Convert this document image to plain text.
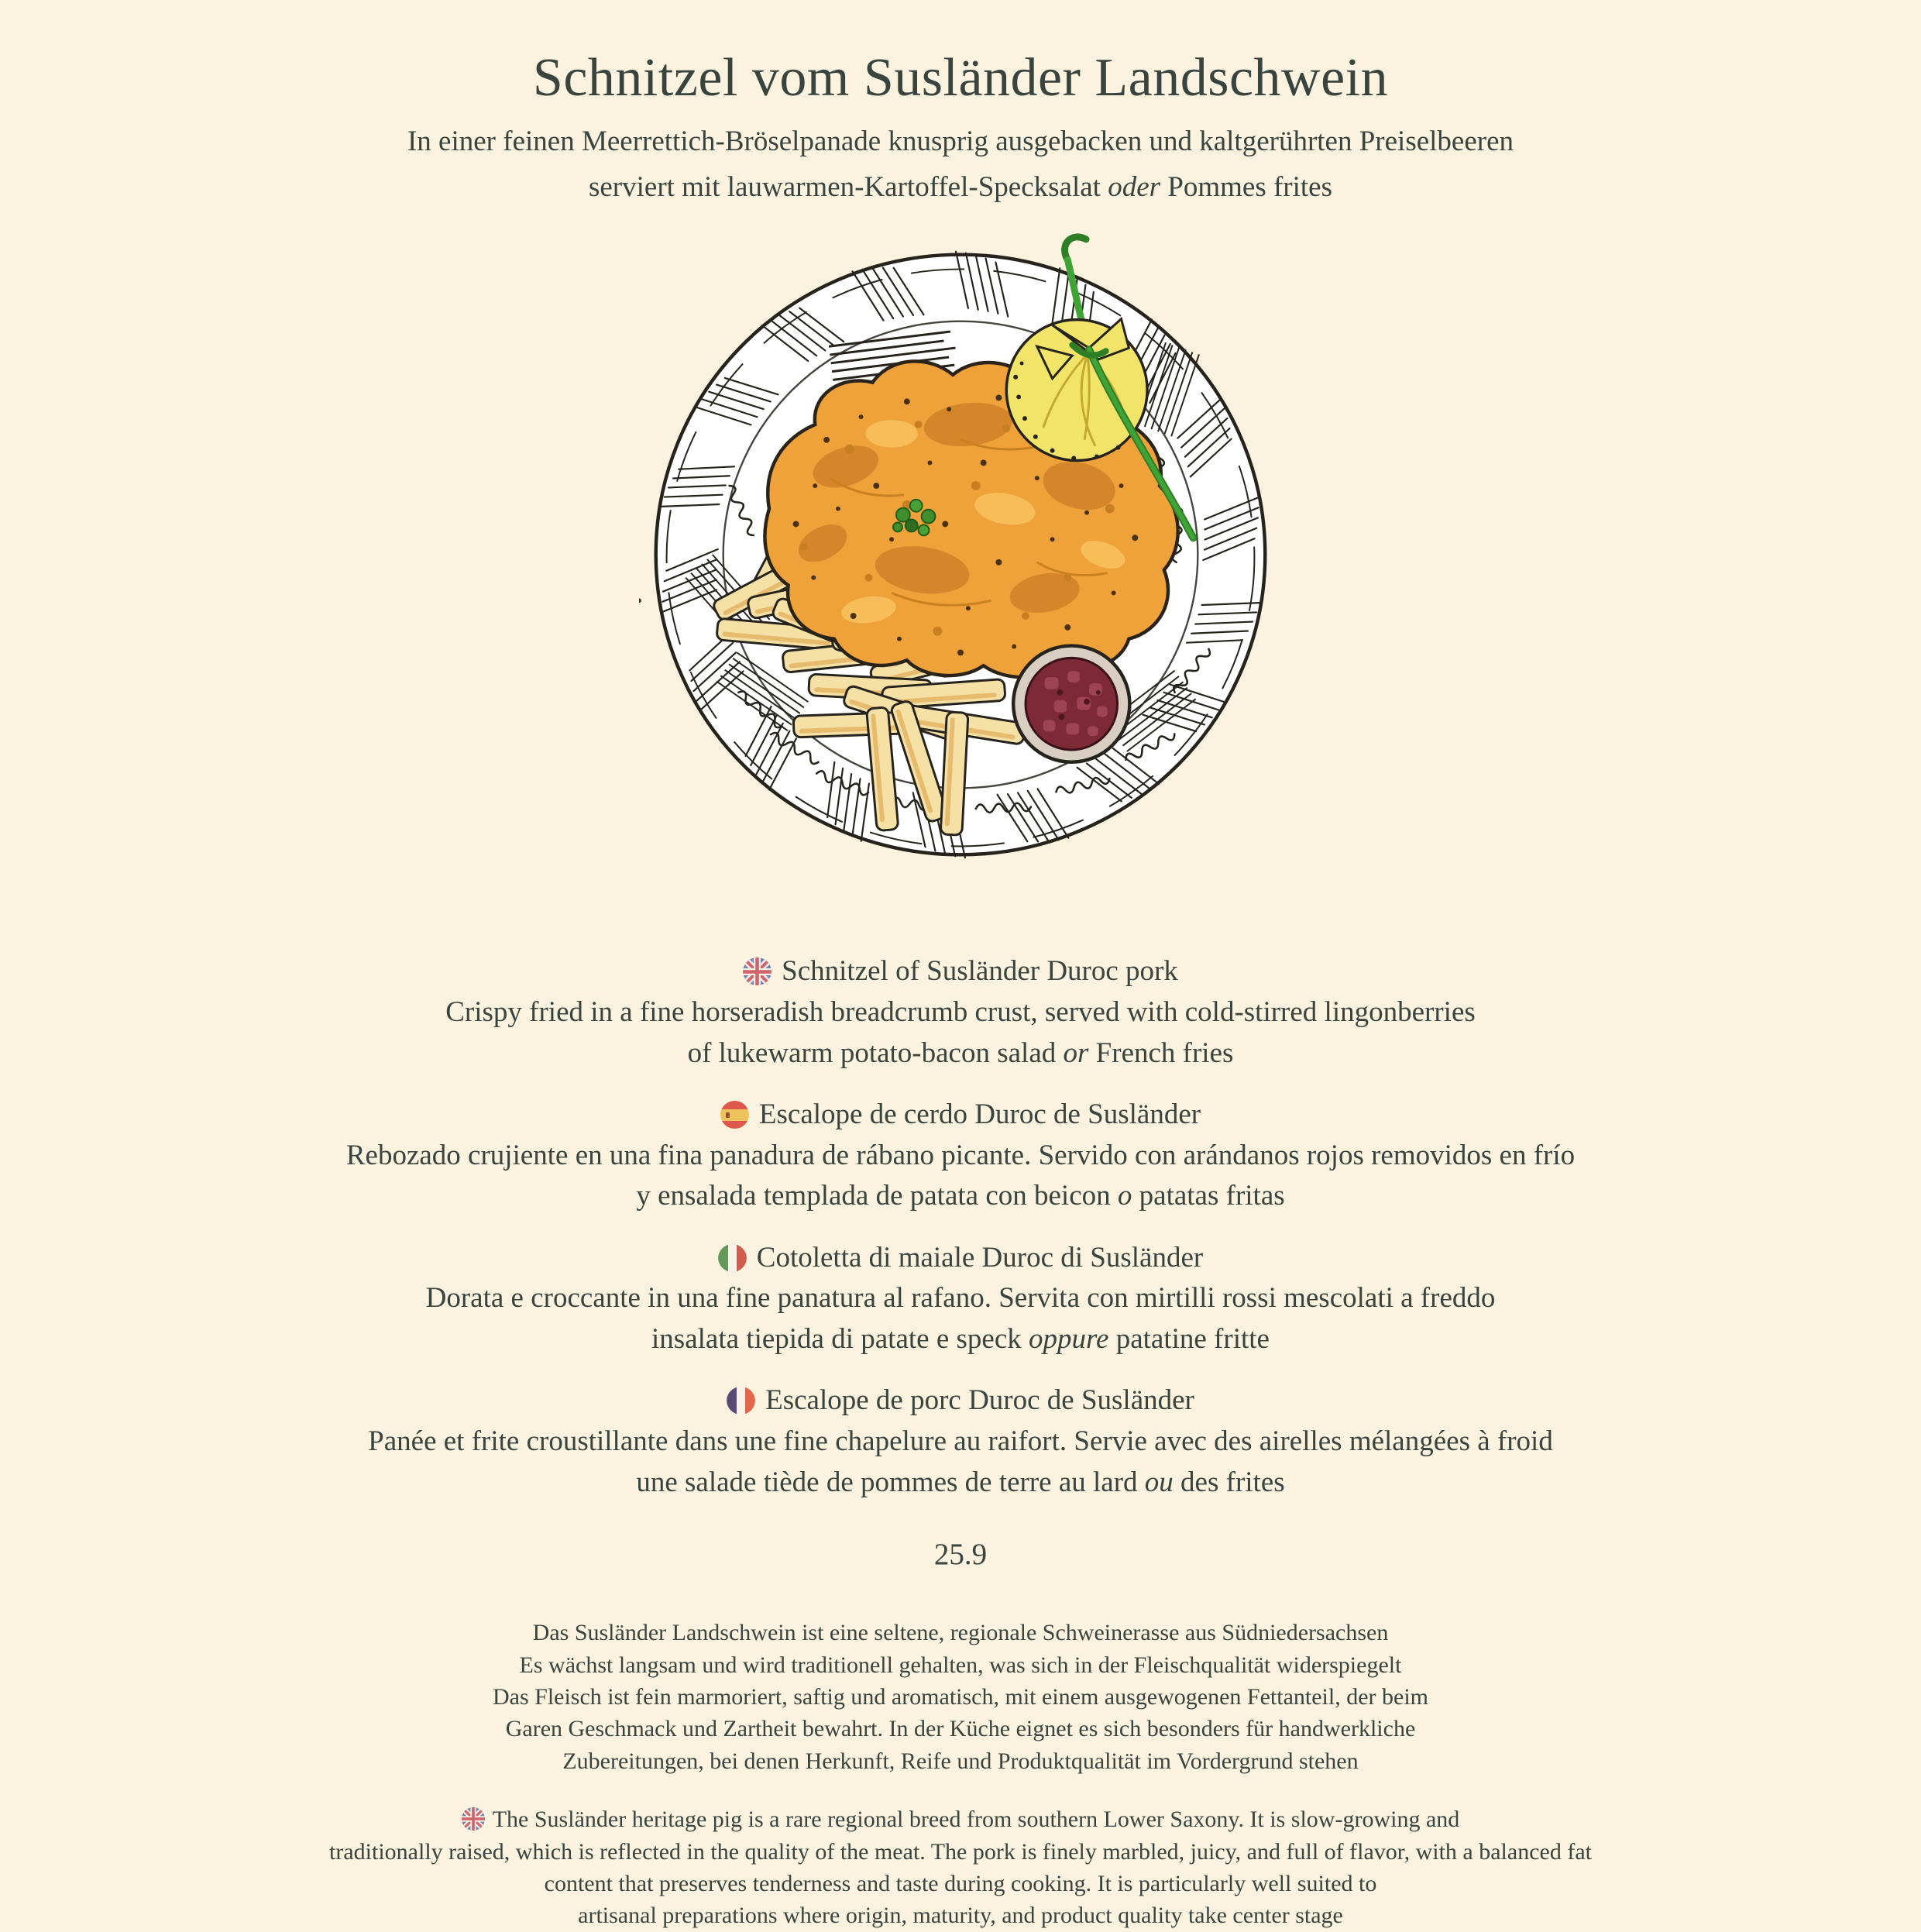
Schnitzel vom Susländer Landschwein
In einer feinen Meerrettich-Bröselpanade knusprig ausgebacken und kaltgerührten Preiselbeeren
serviert mit lauwarmen-Kartoffel-Specksalat oder Pommes frites
Schnitzel of Susländer Duroc pork
Crispy fried in a fine horseradish breadcrumb crust, served with cold-stirred lingonberries
of lukewarm potato-bacon salad or French fries
Escalope de cerdo Duroc de Susländer
Rebozado crujiente en una fina panadura de rábano picante. Servido con arándanos rojos removidos en frío
y ensalada templada de patata con beicon o patatas fritas
Cotoletta di maiale Duroc di Susländer
Dorata e croccante in una fine panatura al rafano. Servita con mirtilli rossi mescolati a freddo
insalata tiepida di patate e speck oppure patatine fritte
Escalope de porc Duroc de Susländer
Panée et frite croustillante dans une fine chapelure au raifort. Servie avec des airelles mélangées à froid
une salade tiède de pommes de terre au lard ou des frites
25.9
Das Susländer Landschwein ist eine seltene, regionale Schweinerasse aus Südniedersachsen
Es wächst langsam und wird traditionell gehalten, was sich in der Fleischqualität widerspiegelt
Das Fleisch ist fein marmoriert, saftig und aromatisch, mit einem ausgewogenen Fettanteil, der beim
Garen Geschmack und Zartheit bewahrt. In der Küche eignet es sich besonders für handwerkliche
Zubereitungen, bei denen Herkunft, Reife und Produktqualität im Vordergrund stehen
The Susländer heritage pig is a rare regional breed from southern Lower Saxony. It is slow-growing and
traditionally raised, which is reflected in the quality of the meat. The pork is finely marbled, juicy, and full of flavor, with a balanced fat
content that preserves tenderness and taste during cooking. It is particularly well suited to
artisanal preparations where origin, maturity, and product quality take center stage
